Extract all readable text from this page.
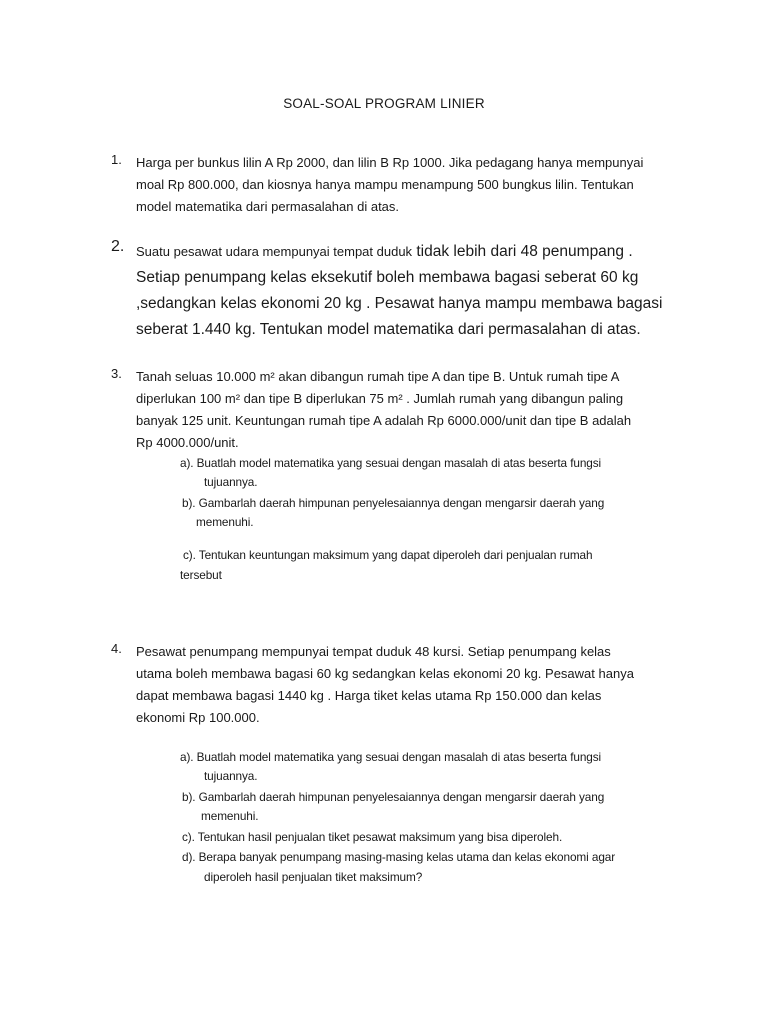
SOAL-SOAL PROGRAM LINIER
1. Harga per bunkus lilin A Rp 2000, dan lilin B Rp 1000. Jika pedagang hanya mempunyai
moal Rp 800.000, dan kiosnya hanya mampu menampung 500 bungkus lilin. Tentukan
model matematika dari permasalahan di atas.
2. Suatu pesawat udara mempunyai tempat duduk tidak lebih dari 48 penumpang .
Setiap penumpang kelas eksekutif boleh membawa bagasi seberat 60 kg
,sedangkan kelas ekonomi 20 kg . Pesawat hanya mampu membawa bagasi
seberat 1.440 kg. Tentukan model matematika dari permasalahan di atas.
3. Tanah seluas 10.000 m² akan dibangun rumah tipe A dan tipe B. Untuk rumah tipe A
diperlukan 100 m² dan tipe B diperlukan 75 m² . Jumlah rumah yang dibangun paling
banyak 125 unit. Keuntungan rumah tipe A adalah Rp 6000.000/unit dan tipe B adalah
Rp 4000.000/unit.
a). Buatlah model matematika yang sesuai dengan masalah di atas beserta fungsi
tujuannya.
b). Gambarlah daerah himpunan penyelesaiannya dengan mengarsir daerah yang
memenuhi.
c). Tentukan keuntungan maksimum yang dapat diperoleh dari penjualan rumah
tersebut
4. Pesawat penumpang mempunyai tempat duduk 48 kursi. Setiap penumpang kelas
utama boleh membawa bagasi 60 kg sedangkan kelas ekonomi 20 kg. Pesawat hanya
dapat membawa bagasi 1440 kg . Harga tiket kelas utama Rp 150.000 dan kelas
ekonomi Rp 100.000.
a). Buatlah model matematika yang sesuai dengan masalah di atas beserta fungsi
tujuannya.
b). Gambarlah daerah himpunan penyelesaiannya dengan mengarsir daerah yang
memenuhi.
c). Tentukan hasil penjualan tiket pesawat maksimum yang bisa diperoleh.
d). Berapa banyak penumpang masing-masing kelas utama dan kelas ekonomi agar
diperoleh hasil penjualan tiket maksimum?
